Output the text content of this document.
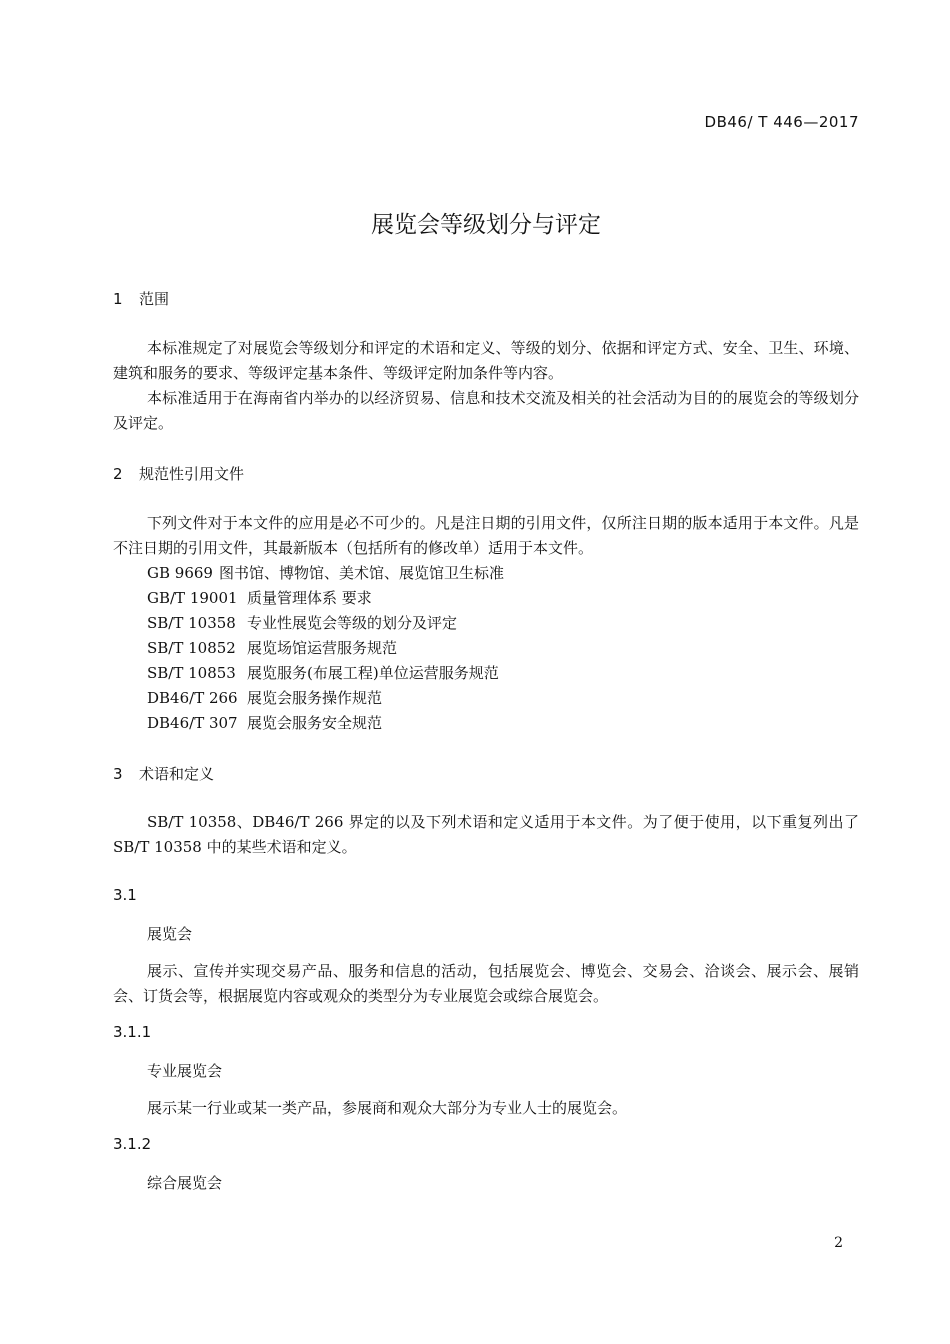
DB46/ T 446—2017
展览会等级划分与评定
1 范围
本标准规定了对展览会等级划分和评定的术语和定义、等级的划分、依据和评定方式、安全、卫生、环境、建筑和服务的要求、等级评定基本条件、等级评定附加条件等内容。
本标准适用于在海南省内举办的以经济贸易、信息和技术交流及相关的社会活动为目的的展览会的等级划分及评定。
2 规范性引用文件
下列文件对于本文件的应用是必不可少的。凡是注日期的引用文件，仅所注日期的版本适用于本文件。凡是不注日期的引用文件，其最新版本（包括所有的修改单）适用于本文件。
GB 9669 图书馆、博物馆、美术馆、展览馆卫生标准
GB/T 19001 质量管理体系 要求
SB/T 10358 专业性展览会等级的划分及评定
SB/T 10852 展览场馆运营服务规范
SB/T 10853 展览服务(布展工程)单位运营服务规范
DB46/T 266 展览会服务操作规范
DB46/T 307 展览会服务安全规范
3 术语和定义
SB/T 10358、DB46/T 266 界定的以及下列术语和定义适用于本文件。为了便于使用，以下重复列出了 SB/T 10358 中的某些术语和定义。
3.1
展览会
展示、宣传并实现交易产品、服务和信息的活动，包括展览会、博览会、交易会、洽谈会、展示会、展销会、订货会等，根据展览内容或观众的类型分为专业展览会或综合展览会。
3.1.1
专业展览会
展示某一行业或某一类产品，参展商和观众大部分为专业人士的展览会。
3.1.2
综合展览会
2
